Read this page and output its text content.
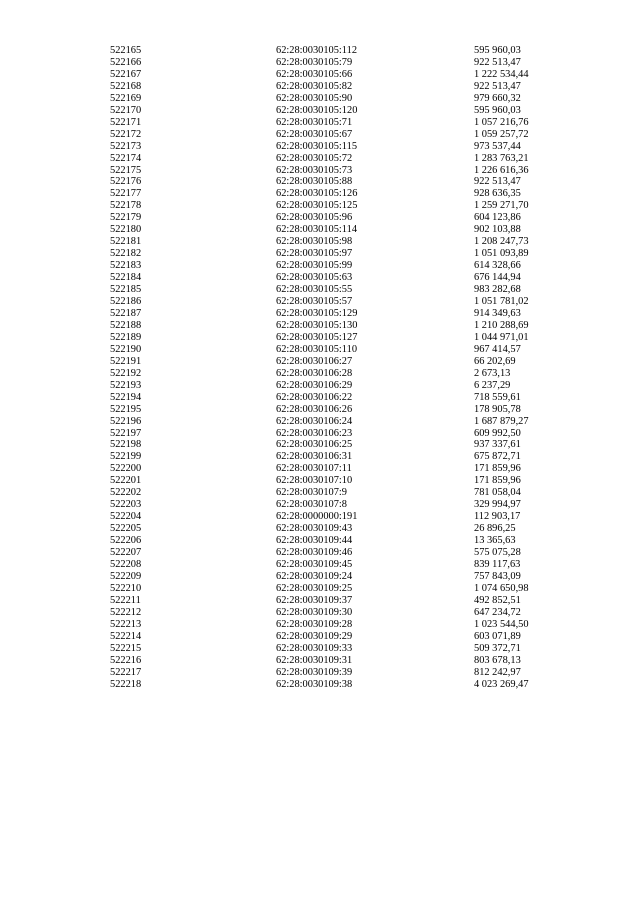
522165	62:28:0030105:112	595 960,03
522166	62:28:0030105:79	922 513,47
522167	62:28:0030105:66	1 222 534,44
522168	62:28:0030105:82	922 513,47
522169	62:28:0030105:90	979 660,32
522170	62:28:0030105:120	595 960,03
522171	62:28:0030105:71	1 057 216,76
522172	62:28:0030105:67	1 059 257,72
522173	62:28:0030105:115	973 537,44
522174	62:28:0030105:72	1 283 763,21
522175	62:28:0030105:73	1 226 616,36
522176	62:28:0030105:88	922 513,47
522177	62:28:0030105:126	928 636,35
522178	62:28:0030105:125	1 259 271,70
522179	62:28:0030105:96	604 123,86
522180	62:28:0030105:114	902 103,88
522181	62:28:0030105:98	1 208 247,73
522182	62:28:0030105:97	1 051 093,89
522183	62:28:0030105:99	614 328,66
522184	62:28:0030105:63	676 144,94
522185	62:28:0030105:55	983 282,68
522186	62:28:0030105:57	1 051 781,02
522187	62:28:0030105:129	914 349,63
522188	62:28:0030105:130	1 210 288,69
522189	62:28:0030105:127	1 044 971,01
522190	62:28:0030105:110	967 414,57
522191	62:28:0030106:27	66 202,69
522192	62:28:0030106:28	2 673,13
522193	62:28:0030106:29	6 237,29
522194	62:28:0030106:22	718 559,61
522195	62:28:0030106:26	178 905,78
522196	62:28:0030106:24	1 687 879,27
522197	62:28:0030106:23	609 992,50
522198	62:28:0030106:25	937 337,61
522199	62:28:0030106:31	675 872,71
522200	62:28:0030107:11	171 859,96
522201	62:28:0030107:10	171 859,96
522202	62:28:0030107:9	781 058,04
522203	62:28:0030107:8	329 994,97
522204	62:28:0000000:191	112 903,17
522205	62:28:0030109:43	26 896,25
522206	62:28:0030109:44	13 365,63
522207	62:28:0030109:46	575 075,28
522208	62:28:0030109:45	839 117,63
522209	62:28:0030109:24	757 843,09
522210	62:28:0030109:25	1 074 650,98
522211	62:28:0030109:37	492 852,51
522212	62:28:0030109:30	647 234,72
522213	62:28:0030109:28	1 023 544,50
522214	62:28:0030109:29	603 071,89
522215	62:28:0030109:33	509 372,71
522216	62:28:0030109:31	803 678,13
522217	62:28:0030109:39	812 242,97
522218	62:28:0030109:38	4 023 269,47
